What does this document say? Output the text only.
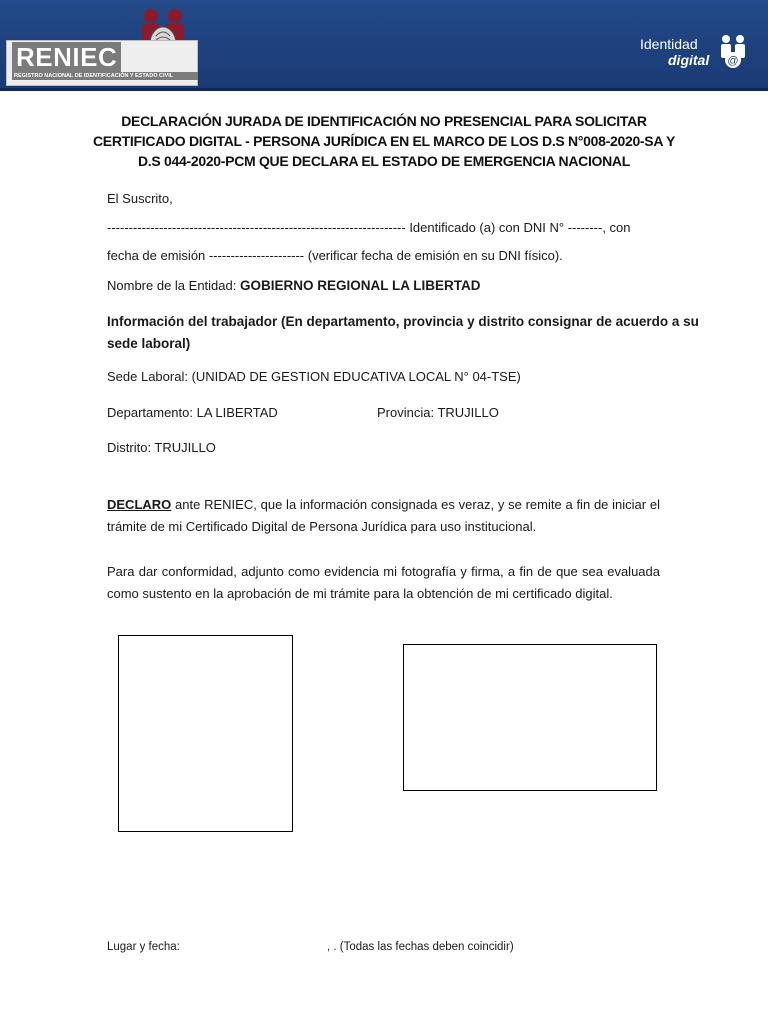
RENIEC
REGISTRO NACIONAL DE IDENTIFICACIÓN Y ESTADO CIVIL
Identidad
digital @
DECLARACIÓN JURADA DE IDENTIFICACIÓN NO PRESENCIAL PARA SOLICITAR
CERTIFICADO DIGITAL - PERSONA JURÍDICA EN EL MARCO DE LOS D.S N°008-2020-SA Y
D.S 044-2020-PCM QUE DECLARA EL ESTADO DE EMERGENCIA NACIONAL
El Suscrito,
--------------------------------------------------------------------- Identificado (a) con DNI N° --------, con
fecha de emisión ---------------------- (verificar fecha de emisión en su DNI físico).
Nombre de la Entidad: GOBIERNO REGIONAL LA LIBERTAD
Información del trabajador (En departamento, provincia y distrito consignar de acuerdo a su
sede laboral)
Sede Laboral: (UNIDAD DE GESTION EDUCATIVA LOCAL N° 04-TSE)
Departamento: LA LIBERTAD	Provincia: TRUJILLO
Distrito: TRUJILLO
DECLARO ante RENIEC, que la información consignada es veraz, y se remite a fin de iniciar el trámite de mi Certificado Digital de Persona Jurídica para uso institucional.
Para dar conformidad, adjunto como evidencia mi fotografía y firma, a fin de que sea evaluada como sustento en la aprobación de mi trámite para la obtención de mi certificado digital.
Lugar y fecha:	, . (Todas las fechas deben coincidir)
